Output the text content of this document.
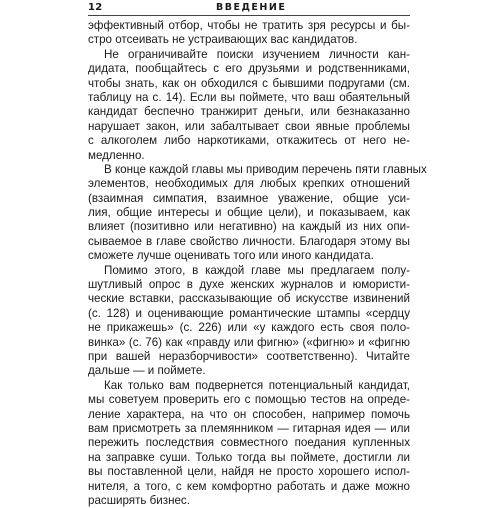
12	ВВЕДЕНИЕ
эффективный отбор, чтобы не тратить зря ресурсы и бы-
стро отсеивать не устраивающих вас кандидатов.
Не ограничивайте поиски изучением личности кан-
дидата, пообщайтесь с его друзьями и родственниками,
чтобы знать, как он обходился с бывшими подругами (см.
таблицу на с. 14). Если вы поймете, что ваш обаятельный
кандидат беспечно транжирит деньги, или безнаказанно
нарушает закон, или забалтывает свои явные проблемы
с алкоголем либо наркотиками, откажитесь от него не-
медленно.
В конце каждой главы мы приводим перечень пяти главных
элементов, необходимых для любых крепких отношений
(взаимная симпатия, взаимное уважение, общие уси-
лия, общие интересы и общие цели), и показываем, как
влияет (позитивно или негативно) на каждый из них опи-
сываемое в главе свойство личности. Благодаря этому вы
сможете лучше оценивать того или иного кандидата.
Помимо этого, в каждой главе мы предлагаем полу-
шутливый опрос в духе женских журналов и юмористи-
ческие вставки, рассказывающие об искусстве извинений
(с. 128) и оценивающие романтические штампы «сердцу
не прикажешь» (с. 226) или «у каждого есть своя поло-
винка» (с. 76) как «правду или фигню» («фигню» и «фигню
при вашей неразборчивости» соответственно). Читайте
дальше — и поймете.
Как только вам подвернется потенциальный кандидат,
мы советуем проверить его с помощью тестов на опреде-
ление характера, на что он способен, например помочь
вам присмотреть за племянником — гитарная идея — или
пережить последствия совместного поедания купленных
на заправке суши. Только тогда вы поймете, достигли ли
вы поставленной цели, найдя не просто хорошего испол-
нителя, а того, с кем комфортно работать и даже можно
расширять бизнес.
